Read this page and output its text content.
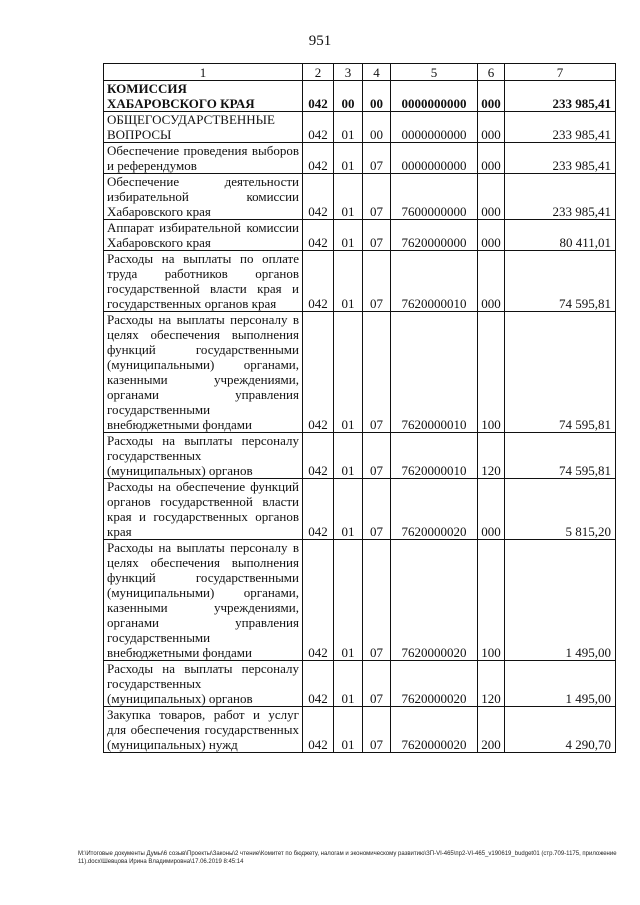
951
1	2	3	4	5	6	7
КОМИССИЯ ХАБАРОВСКОГО КРАЯ	042	00	00	0000000000	000	233 985,41
ОБЩЕГОСУДАРСТВЕННЫЕ ВОПРОСЫ	042	01	00	0000000000	000	233 985,41
Обеспечение проведения выборов и референдумов	042	01	07	0000000000	000	233 985,41
Обеспечение деятельности избирательной комиссии Хабаровского края	042	01	07	7600000000	000	233 985,41
Аппарат избирательной комиссии Хабаровского края	042	01	07	7620000000	000	80 411,01
Расходы на выплаты по оплате труда работников органов государственной власти края и государственных органов края	042	01	07	7620000010	000	74 595,81
Расходы на выплаты персоналу в целях обеспечения выполнения функций государственными (муниципальными) органами, казенными учреждениями, органами управления государственными внебюджетными фондами	042	01	07	7620000010	100	74 595,81
Расходы на выплаты персоналу государственных (муниципальных) органов	042	01	07	7620000010	120	74 595,81
Расходы на обеспечение функций органов государственной власти края и государственных органов края	042	01	07	7620000020	000	5 815,20
Расходы на выплаты персоналу в целях обеспечения выполнения функций государственными (муниципальными) органами, казенными учреждениями, органами управления государственными внебюджетными фондами	042	01	07	7620000020	100	1 495,00
Расходы на выплаты персоналу государственных (муниципальных) органов	042	01	07	7620000020	120	1 495,00
Закупка товаров, работ и услуг для обеспечения государственных (муниципальных) нужд	042	01	07	7620000020	200	4 290,70
M:\Итоговые документы Думы\6 созыв\Проекты\Законы\2 чтение\Комитет по бюджету, налогам и экономическому развитию\ЗП-VI-465\пр2-VI-465_v190619_budget01 (стр.709-1175, приложение 11).docx\Шевцова Ирина Владимировна\17.06.2019 8:45:14
